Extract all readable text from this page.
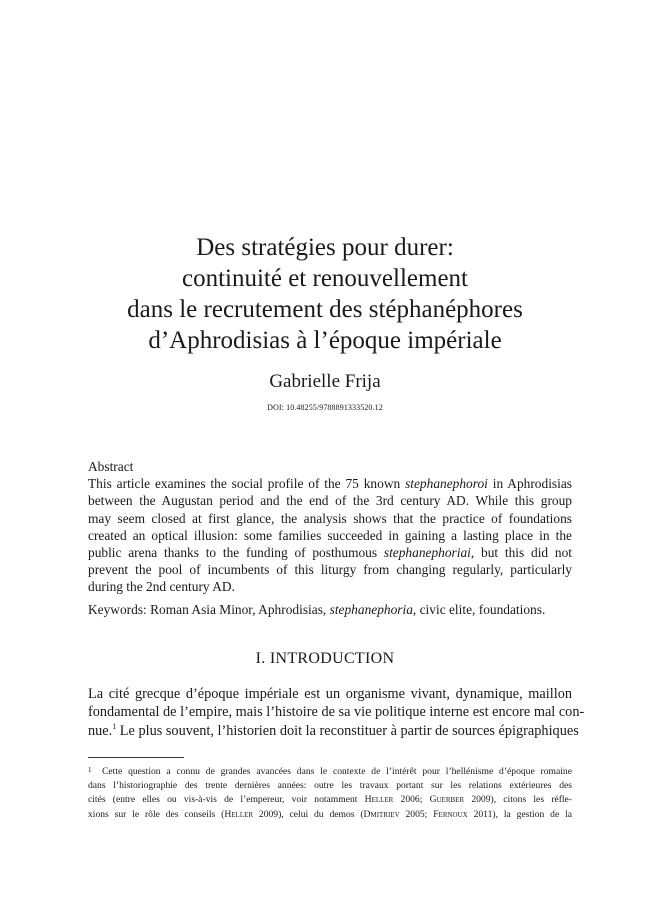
Des stratégies pour durer:
continuité et renouvellement
dans le recrutement des stéphanéphores
d’Aphrodisias à l’époque impériale
Gabrielle Frija
DOI: 10.48255/9788891333520.12
Abstract
This article examines the social profile of the 75 known stephanephoroi in Aphrodisias
between the Augustan period and the end of the 3rd century AD. While this group
may seem closed at first glance, the analysis shows that the practice of foundations
created an optical illusion: some families succeeded in gaining a lasting place in the
public arena thanks to the funding of posthumous stephanephoriai, but this did not
prevent the pool of incumbents of this liturgy from changing regularly, particularly
during the 2nd century AD.
Keywords: Roman Asia Minor, Aphrodisias, stephanephoria, civic elite, foundations.
I. INTRODUCTION
La cité grecque d’époque impériale est un organisme vivant, dynamique, maillon
fondamental de l’empire, mais l’histoire de sa vie politique interne est encore mal con-
nue.$^1$ Le plus souvent, l’historien doit la reconstituer à partir de sources épigraphiques
1 Cette question a connu de grandes avancées dans le contexte de l’intérêt pour l’hellénisme d’époque romaine
dans l’historiographie des trente dernières années: outre les travaux portant sur les relations extérieures des
cités (entre elles ou vis-à-vis de l’empereur, voir notamment Heller 2006; Guerber 2009), citons les réfle-
xions sur le rôle des conseils (Heller 2009), celui du demos (Dmitriev 2005; Fernoux 2011), la gestion de la
